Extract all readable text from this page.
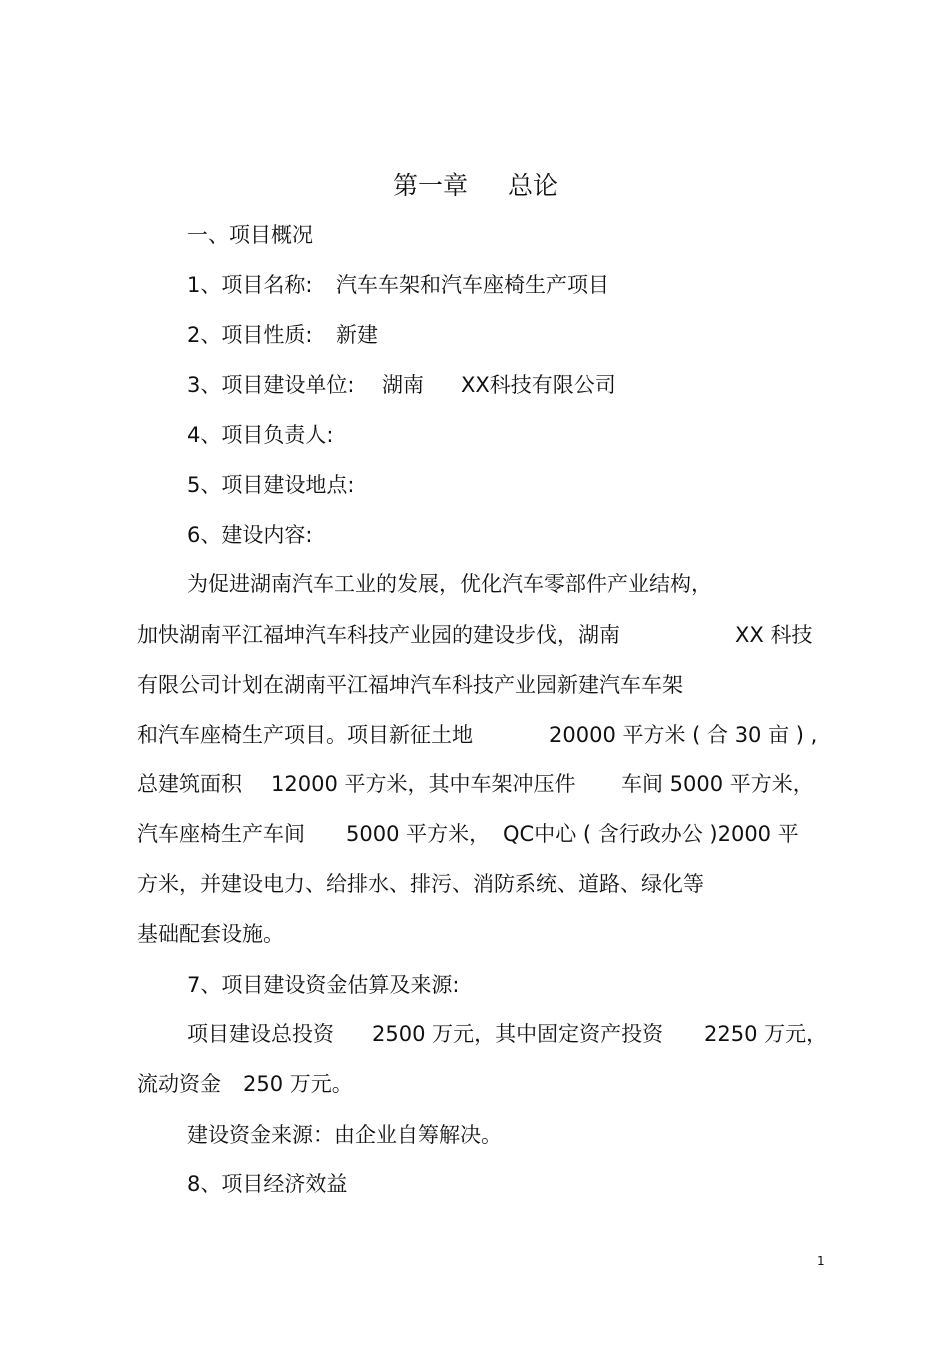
第一章 总论
一、项目概况
1、项目名称: 汽车车架和汽车座椅生产项目
2、项目性质: 新建
3、项目建设单位: 湖南 XX科技有限公司
4、项目负责人:
5、项目建设地点:
6、建设内容:
为促进湖南汽车工业的发展，优化汽车零部件产业结构，
加快湖南平江福坤汽车科技产业园的建设步伐，湖南	XX 科技
有限公司计划在湖南平江福坤汽车科技产业园新建汽车车架
和汽车座椅生产项目。项目新征土地	20000 平方米 ( 合 30 亩 ) ,
总建筑面积 12000 平方米，其中车架冲压件 车间 5000 平方米，
汽车座椅生产车间 5000 平方米， QC中心 ( 含行政办公 )2000 平
方米，并建设电力、给排水、排污、消防系统、道路、绿化等
基础配套设施。
7、项目建设资金估算及来源:
项目建设总投资 2500 万元，其中固定资产投资 2250 万元，
流动资金 250 万元。
建设资金来源：由企业自筹解决。
8、项目经济效益
1
